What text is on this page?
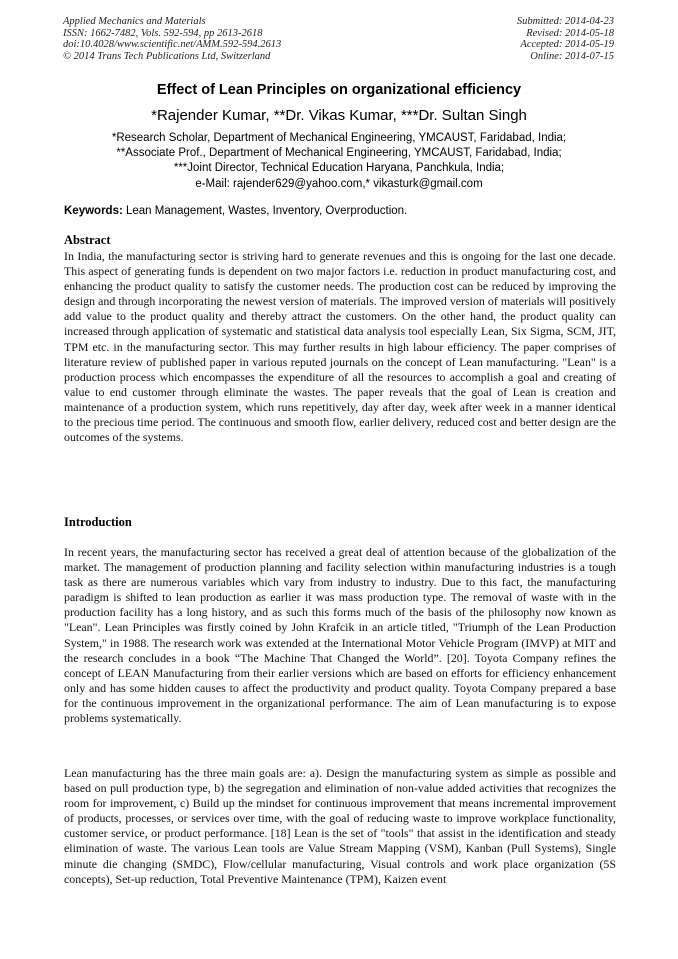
Applied Mechanics and Materials
ISSN: 1662-7482, Vols. 592-594, pp 2613-2618
doi:10.4028/www.scientific.net/AMM.592-594.2613
© 2014 Trans Tech Publications Ltd, Switzerland
Submitted: 2014-04-23
Revised: 2014-05-18
Accepted: 2014-05-19
Online: 2014-07-15
Effect of Lean Principles on organizational efficiency
*Rajender Kumar, **Dr. Vikas Kumar, ***Dr. Sultan Singh
*Research Scholar, Department of Mechanical Engineering, YMCAUST, Faridabad, India;
**Associate Prof., Department of Mechanical Engineering, YMCAUST, Faridabad, India;
***Joint Director, Technical Education Haryana, Panchkula, India;
e-Mail: rajender629@yahoo.com,* vikasturk@gmail.com
Keywords: Lean Management, Wastes, Inventory, Overproduction.
Abstract
In India, the manufacturing sector is striving hard to generate revenues and this is ongoing for the last one decade. This aspect of generating funds is dependent on two major factors i.e. reduction in product manufacturing cost, and enhancing the product quality to satisfy the customer needs. The production cost can be reduced by improving the design and through incorporating the newest version of materials. The improved version of materials will positively add value to the product quality and thereby attract the customers. On the other hand, the product quality can increased through application of systematic and statistical data analysis tool especially Lean, Six Sigma, SCM, JIT, TPM etc. in the manufacturing sector. This may further results in high labour efficiency. The paper comprises of literature review of published paper in various reputed journals on the concept of Lean manufacturing. "Lean" is a production process which encompasses the expenditure of all the resources to accomplish a goal and creating of value to end customer through eliminate the wastes. The paper reveals that the goal of Lean is creation and maintenance of a production system, which runs repetitively, day after day, week after week in a manner identical to the precious time period. The continuous and smooth flow, earlier delivery, reduced cost and better design are the outcomes of the systems.
Introduction
In recent years, the manufacturing sector has received a great deal of attention because of the globalization of the market. The management of production planning and facility selection within manufacturing industries is a tough task as there are numerous variables which vary from industry to industry. Due to this fact, the manufacturing paradigm is shifted to lean production as earlier it was mass production type. The removal of waste with in the production facility has a long history, and as such this forms much of the basis of the philosophy now known as "Lean". Lean Principles was firstly coined by John Krafcik in an article titled, "Triumph of the Lean Production System," in 1988. The research work was extended at the International Motor Vehicle Program (IMVP) at MIT and the research concludes in a book “The Machine That Changed the World”. [20]. Toyota Company refines the concept of LEAN Manufacturing from their earlier versions which are based on efforts for efficiency enhancement only and has some hidden causes to affect the productivity and product quality. Toyota Company prepared a base for the continuous improvement in the organizational performance. The aim of Lean manufacturing is to expose problems systematically.
Lean manufacturing has the three main goals are: a). Design the manufacturing system as simple as possible and based on pull production type, b) the segregation and elimination of non-value added activities that recognizes the room for improvement, c) Build up the mindset for continuous improvement that means incremental improvement of products, processes, or services over time, with the goal of reducing waste to improve workplace functionality, customer service, or product performance. [18] Lean is the set of "tools" that assist in the identification and steady elimination of waste. The various Lean tools are Value Stream Mapping (VSM), Kanban (Pull Systems), Single minute die changing (SMDC), Flow/cellular manufacturing, Visual controls and work place organization (5S concepts), Set-up reduction, Total Preventive Maintenance (TPM), Kaizen event
